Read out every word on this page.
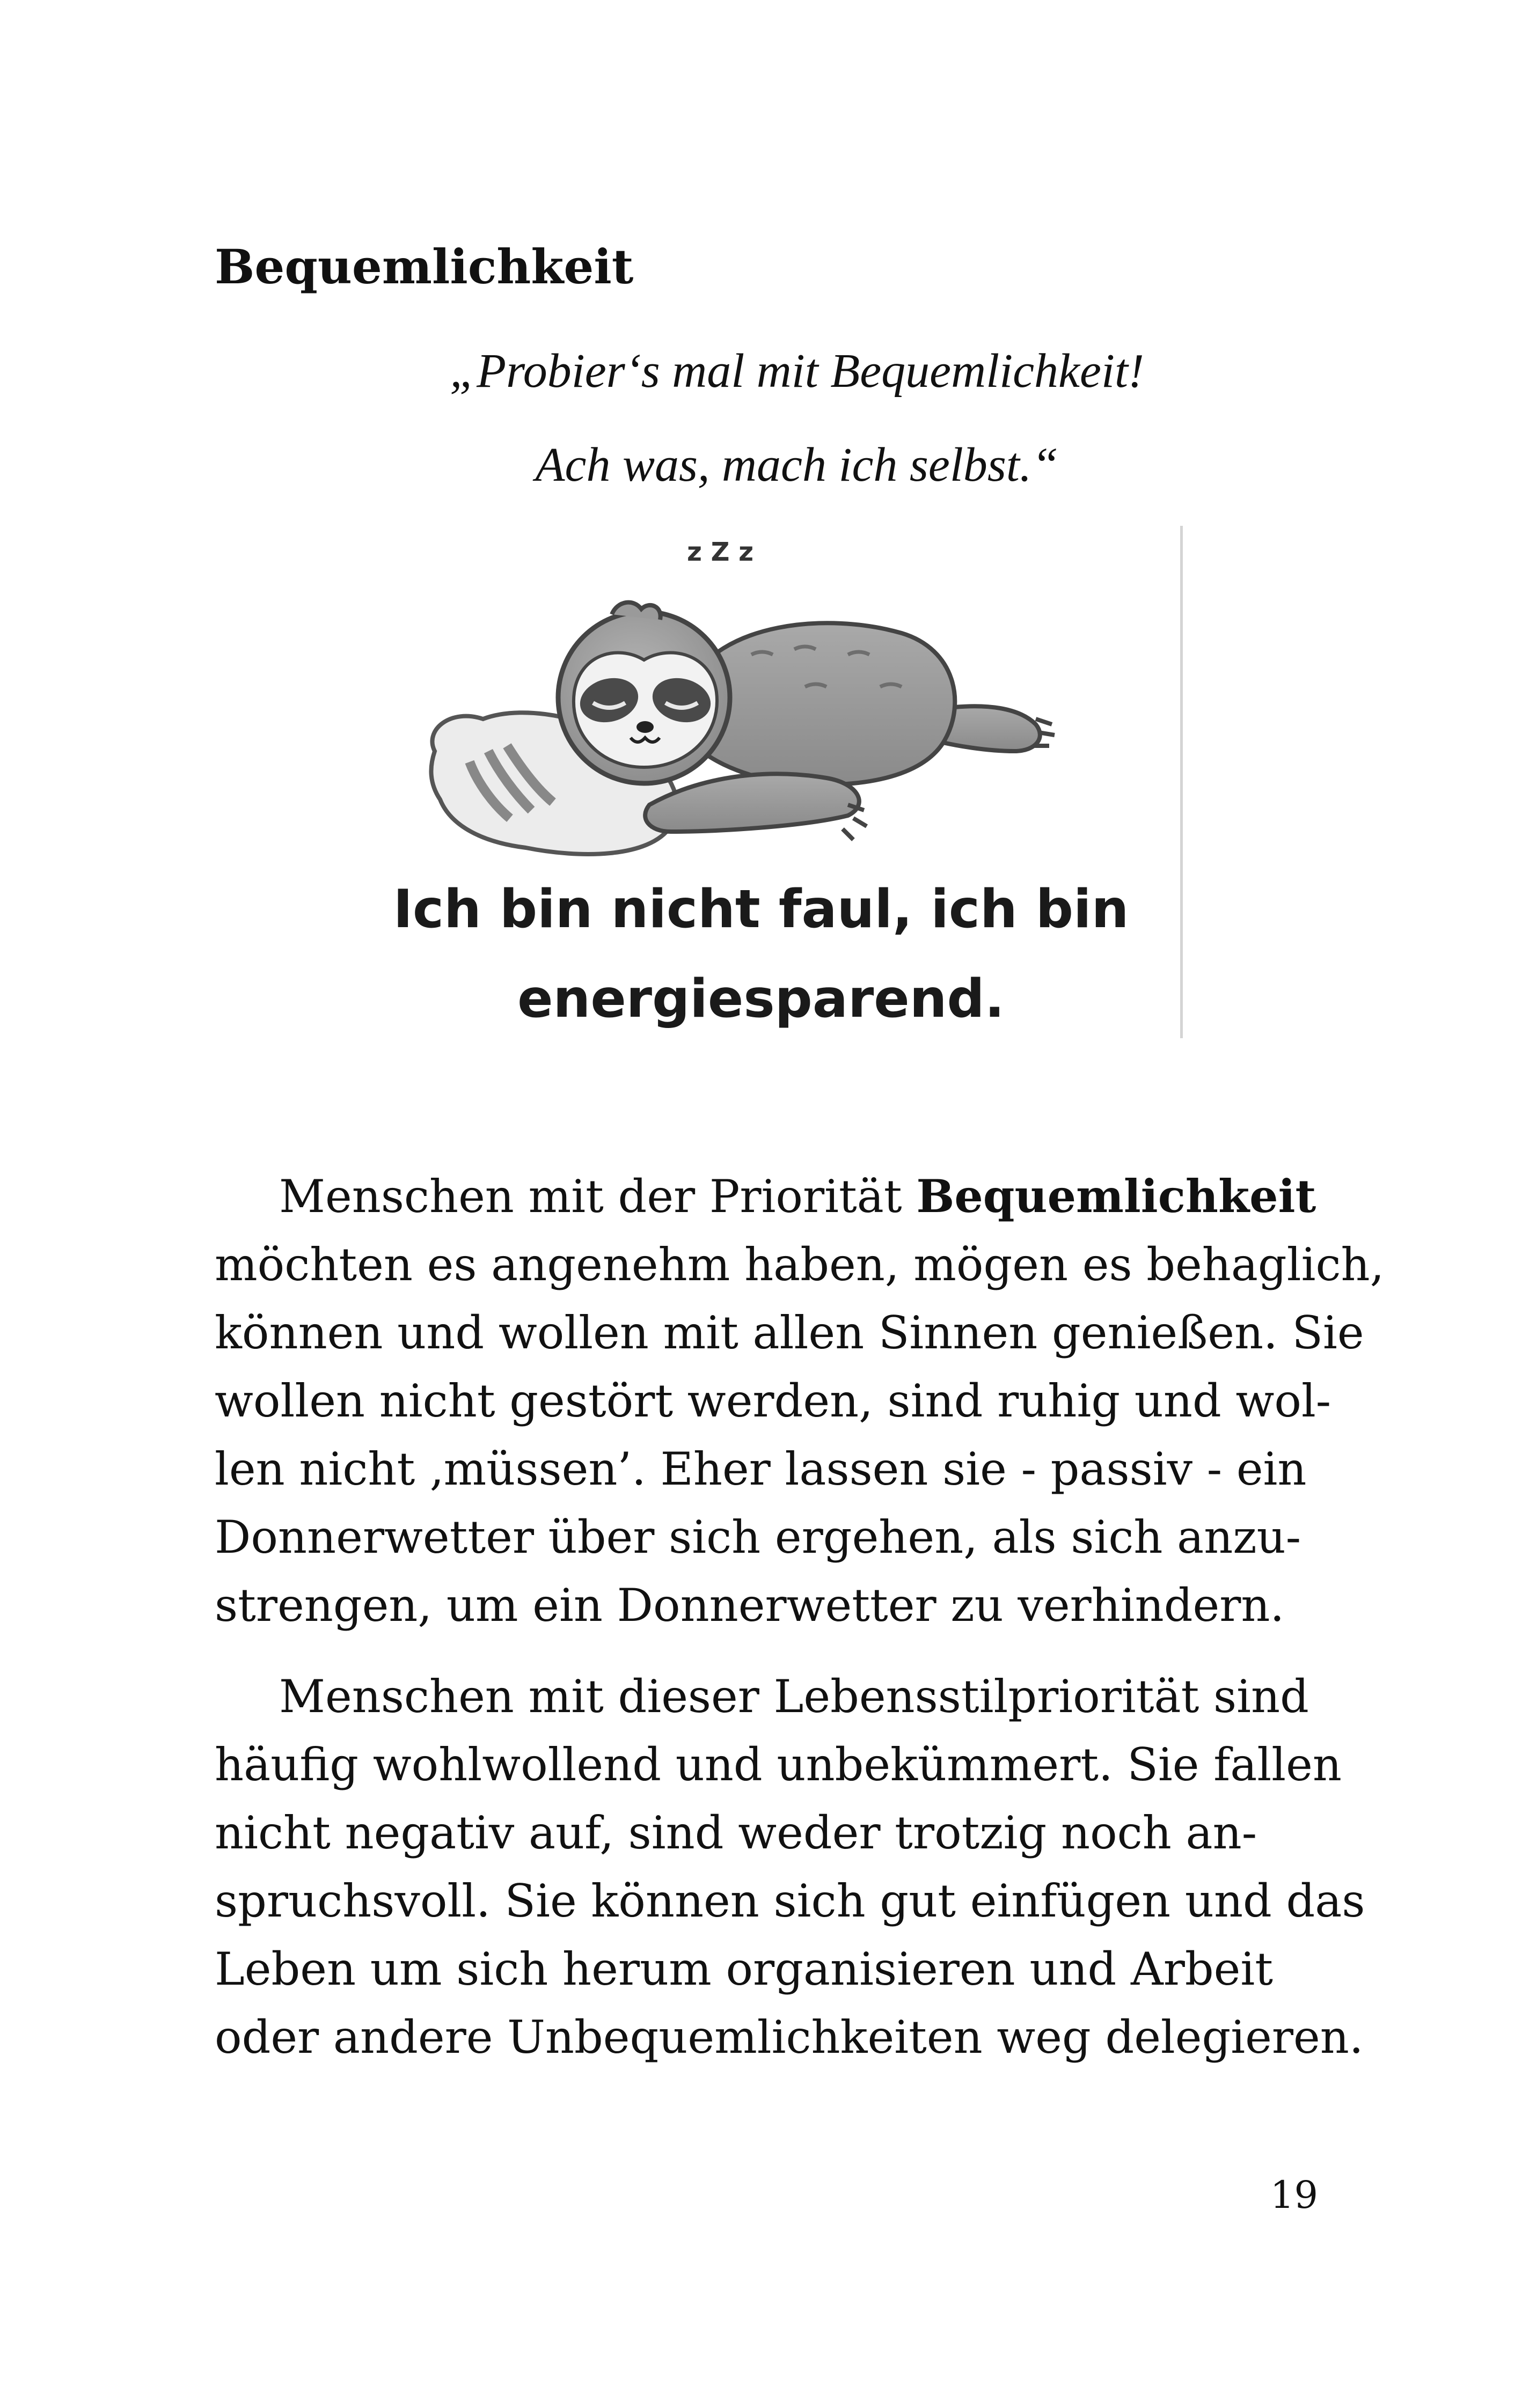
Bequemlichkeit
„Probier‘s mal mit Bequemlichkeit!
Ach was, mach ich selbst.“
z Z z
Ich bin nicht faul, ich bin
energiesparend.
Menschen mit der Priorität Bequemlichkeit
möchten es angenehm haben, mögen es behaglich,
können und wollen mit allen Sinnen genießen. Sie
wollen nicht gestört werden, sind ruhig und wol-
len nicht ‚müssen’. Eher lassen sie - passiv - ein
Donnerwetter über sich ergehen, als sich anzu-
strengen, um ein Donnerwetter zu verhindern.
Menschen mit dieser Lebensstilpriorität sind
häufig wohlwollend und unbekümmert. Sie fallen
nicht negativ auf, sind weder trotzig noch an-
spruchsvoll. Sie können sich gut einfügen und das
Leben um sich herum organisieren und Arbeit
oder andere Unbequemlichkeiten weg delegieren.
19
